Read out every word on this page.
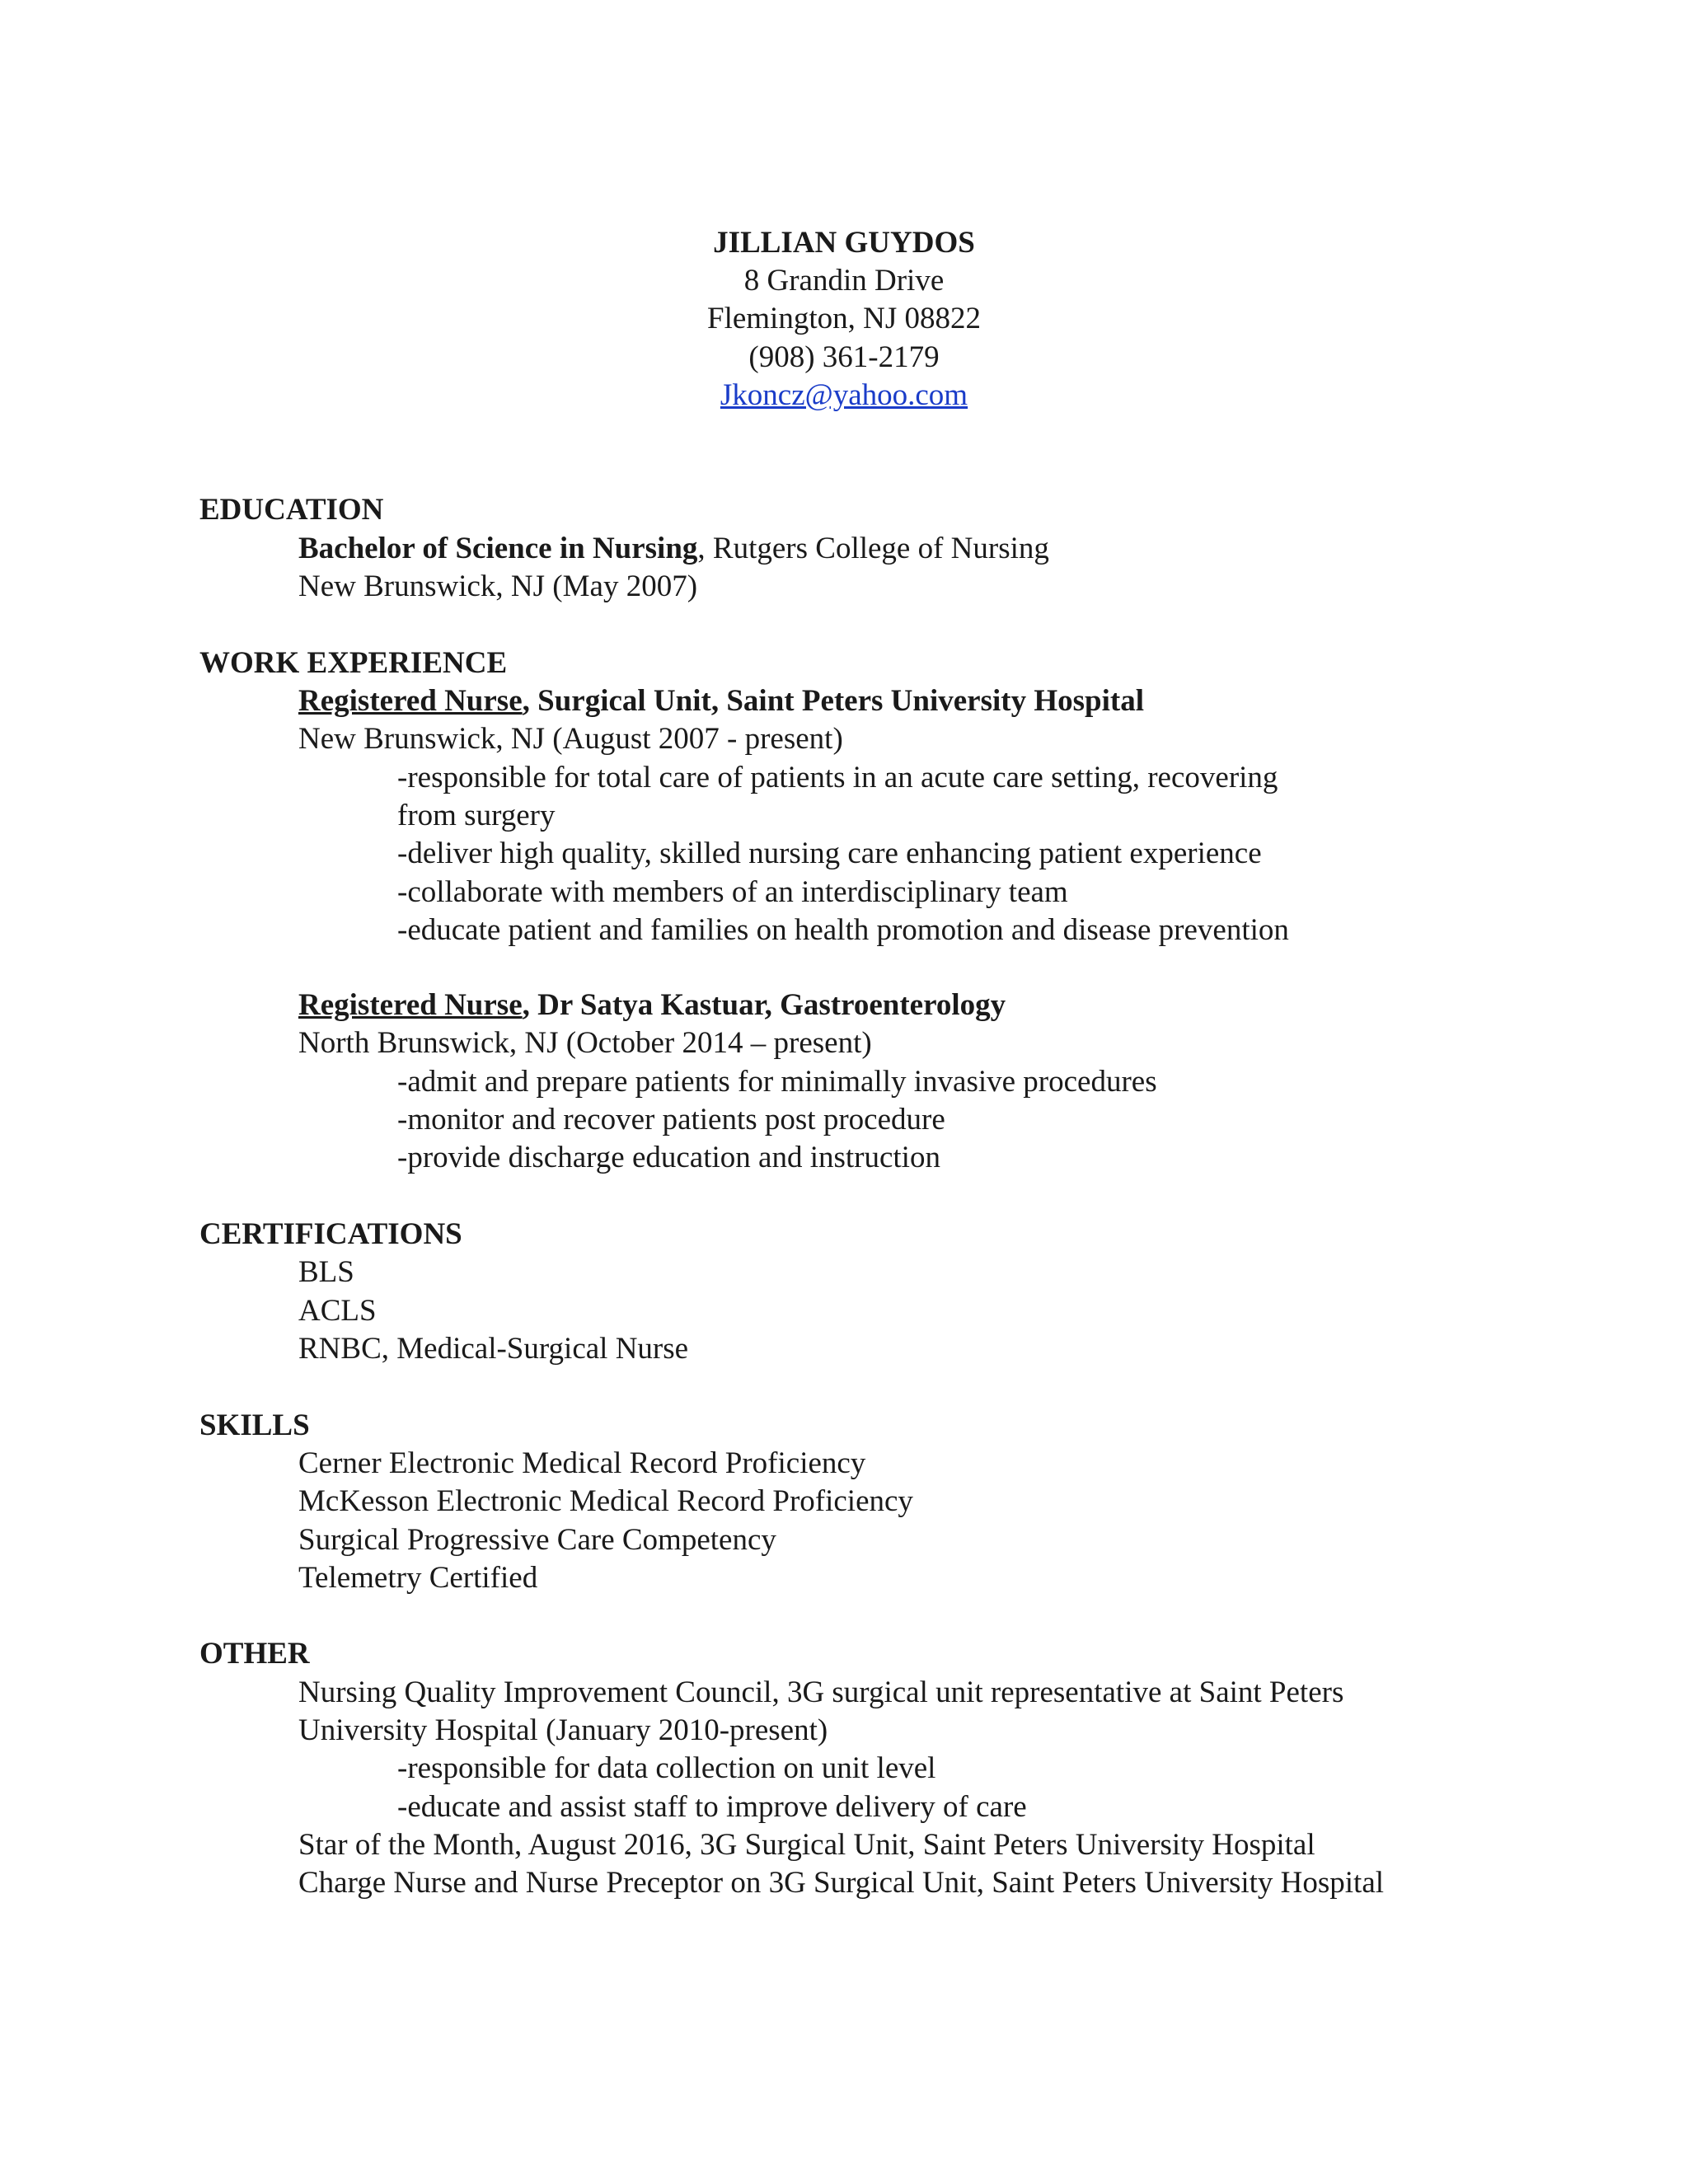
JILLIAN GUYDOS
8 Grandin Drive
Flemington, NJ 08822
(908) 361-2179
Jkoncz@yahoo.com
EDUCATION
Bachelor of Science in Nursing, Rutgers College of Nursing
New Brunswick, NJ (May 2007)
WORK EXPERIENCE
Registered Nurse, Surgical Unit, Saint Peters University Hospital
New Brunswick, NJ (August 2007 - present)
-responsible for total care of patients in an acute care setting, recovering
from surgery
-deliver high quality, skilled nursing care enhancing patient experience
-collaborate with members of an interdisciplinary team
-educate patient and families on health promotion and disease prevention
Registered Nurse, Dr Satya Kastuar, Gastroenterology
North Brunswick, NJ (October 2014 – present)
-admit and prepare patients for minimally invasive procedures
-monitor and recover patients post procedure
-provide discharge education and instruction
CERTIFICATIONS
BLS
ACLS
RNBC, Medical-Surgical Nurse
SKILLS
Cerner Electronic Medical Record Proficiency
McKesson Electronic Medical Record Proficiency
Surgical Progressive Care Competency
Telemetry Certified
OTHER
Nursing Quality Improvement Council, 3G surgical unit representative at Saint Peters
University Hospital (January 2010-present)
-responsible for data collection on unit level
-educate and assist staff to improve delivery of care
Star of the Month, August 2016, 3G Surgical Unit, Saint Peters University Hospital
Charge Nurse and Nurse Preceptor on 3G Surgical Unit, Saint Peters University Hospital
